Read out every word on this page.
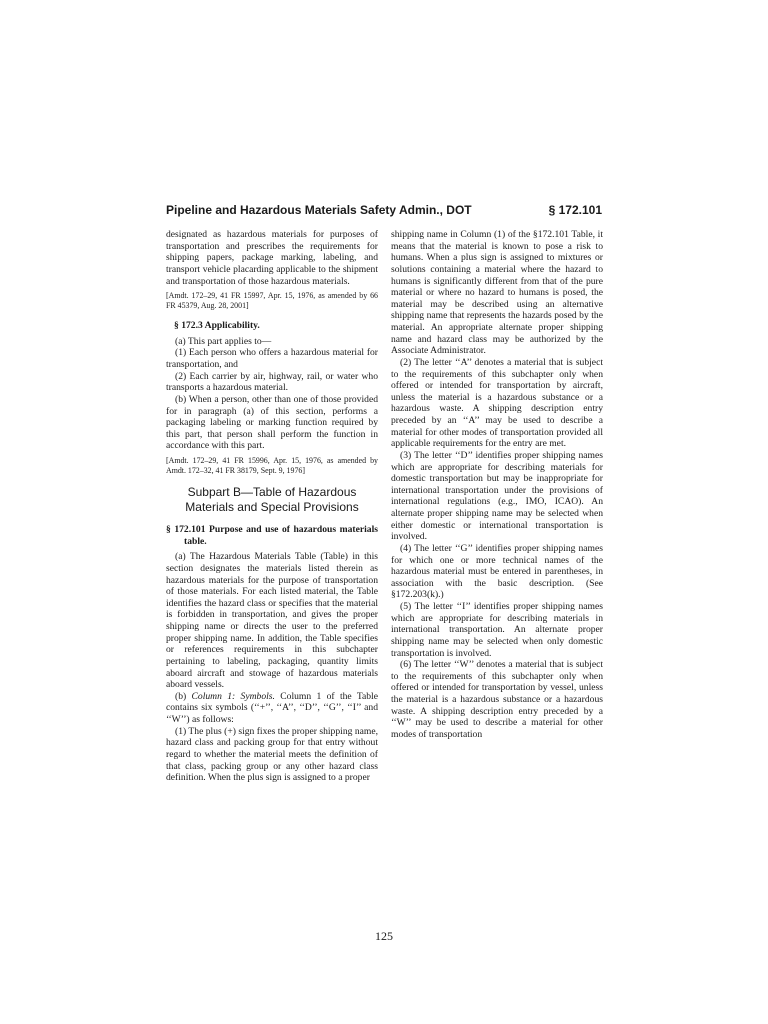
Pipeline and Hazardous Materials Safety Admin., DOT	§ 172.101

designated as hazardous materials for purposes of transportation and prescribes the requirements for shipping papers, package marking, labeling, and transport vehicle placarding applicable to the shipment and transportation of those hazardous materials.

[Amdt. 172–29, 41 FR 15997, Apr. 15, 1976, as amended by 66 FR 45379, Aug. 28, 2001]

§ 172.3 Applicability.

(a) This part applies to—

(1) Each person who offers a hazardous material for transportation, and

(2) Each carrier by air, highway, rail, or water who transports a hazardous material.

(b) When a person, other than one of those provided for in paragraph (a) of this section, performs a packaging labeling or marking function required by this part, that person shall perform the function in accordance with this part.

[Amdt. 172–29, 41 FR 15996, Apr. 15, 1976, as amended by Amdt. 172–32, 41 FR 38179, Sept. 9, 1976]

Subpart B—Table of Hazardous Materials and Special Provisions

§ 172.101 Purpose and use of hazardous materials table.

(a) The Hazardous Materials Table (Table) in this section designates the materials listed therein as hazardous materials for the purpose of transportation of those materials. For each listed material, the Table identifies the hazard class or specifies that the material is forbidden in transportation, and gives the proper shipping name or directs the user to the preferred proper shipping name. In addition, the Table specifies or references requirements in this subchapter pertaining to labeling, packaging, quantity limits aboard aircraft and stowage of hazardous materials aboard vessels.

(b) Column 1: Symbols. Column 1 of the Table contains six symbols (‘‘+’’, ‘‘A’’, ‘‘D’’, ‘‘G’’, ‘‘I’’ and ‘‘W’’) as follows:

(1) The plus (+) sign fixes the proper shipping name, hazard class and packing group for that entry without regard to whether the material meets the definition of that class, packing group or any other hazard class definition. When the plus sign is assigned to a proper

shipping name in Column (1) of the §172.101 Table, it means that the material is known to pose a risk to humans. When a plus sign is assigned to mixtures or solutions containing a material where the hazard to humans is significantly different from that of the pure material or where no hazard to humans is posed, the material may be described using an alternative shipping name that represents the hazards posed by the material. An appropriate alternate proper shipping name and hazard class may be authorized by the Associate Administrator.

(2) The letter ‘‘A’’ denotes a material that is subject to the requirements of this subchapter only when offered or intended for transportation by aircraft, unless the material is a hazardous substance or a hazardous waste. A shipping description entry preceded by an ‘‘A’’ may be used to describe a material for other modes of transportation provided all applicable requirements for the entry are met.

(3) The letter ‘‘D’’ identifies proper shipping names which are appropriate for describing materials for domestic transportation but may be inappropriate for international transportation under the provisions of international regulations (e.g., IMO, ICAO). An alternate proper shipping name may be selected when either domestic or international transportation is involved.

(4) The letter ‘‘G’’ identifies proper shipping names for which one or more technical names of the hazardous material must be entered in parentheses, in association with the basic description. (See §172.203(k).)

(5) The letter ‘‘I’’ identifies proper shipping names which are appropriate for describing materials in international transportation. An alternate proper shipping name may be selected when only domestic transportation is involved.

(6) The letter ‘‘W’’ denotes a material that is subject to the requirements of this subchapter only when offered or intended for transportation by vessel, unless the material is a hazardous substance or a hazardous waste. A shipping description entry preceded by a ‘‘W’’ may be used to describe a material for other modes of transportation

125
